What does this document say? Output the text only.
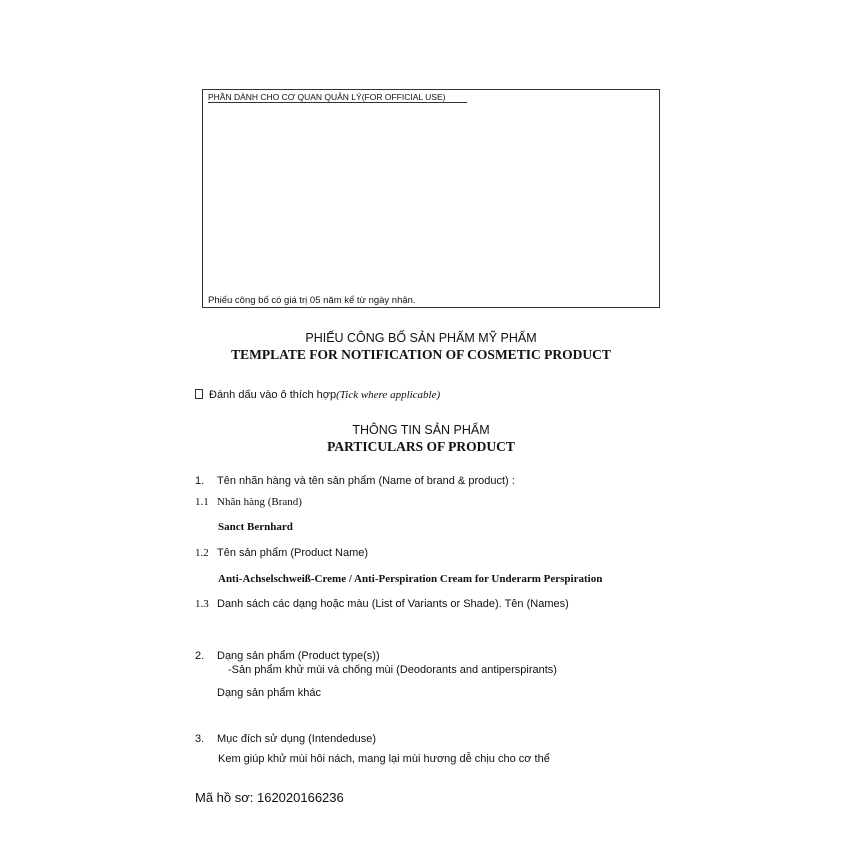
PHẦN DÀNH CHO CƠ QUAN QUẢN LÝ(FOR OFFICIAL USE)
Phiếu công bố có giá trị 05 năm kể từ ngày nhận.
PHIẾU CÔNG BỐ SẢN PHẨM MỸ PHẨM
TEMPLATE FOR NOTIFICATION OF COSMETIC PRODUCT
Đánh dấu vào ô thích hợp(Tick where applicable)
THÔNG TIN SẢN PHẨM
PARTICULARS OF PRODUCT
1. Tên nhãn hàng và tên sản phẩm (Name of brand & product) :
1.1 Nhãn hàng (Brand)
Sanct Bernhard
1.2 Tên sản phẩm (Product Name)
Anti-Achselschweiß-Creme / Anti-Perspiration Cream for Underarm Perspiration
1.3 Danh sách các dạng hoặc màu (List of Variants or Shade). Tên (Names)
2. Dạng sản phẩm (Product type(s))
-Sản phẩm khử mùi và chống mùi (Deodorants and antiperspirants)
Dạng sản phẩm khác
3. Mục đích sử dụng (Intendeduse)
Kem giúp khử mùi hôi nách, mang lại mùi hương dễ chịu cho cơ thể
Mã hồ sơ: 162020166236
